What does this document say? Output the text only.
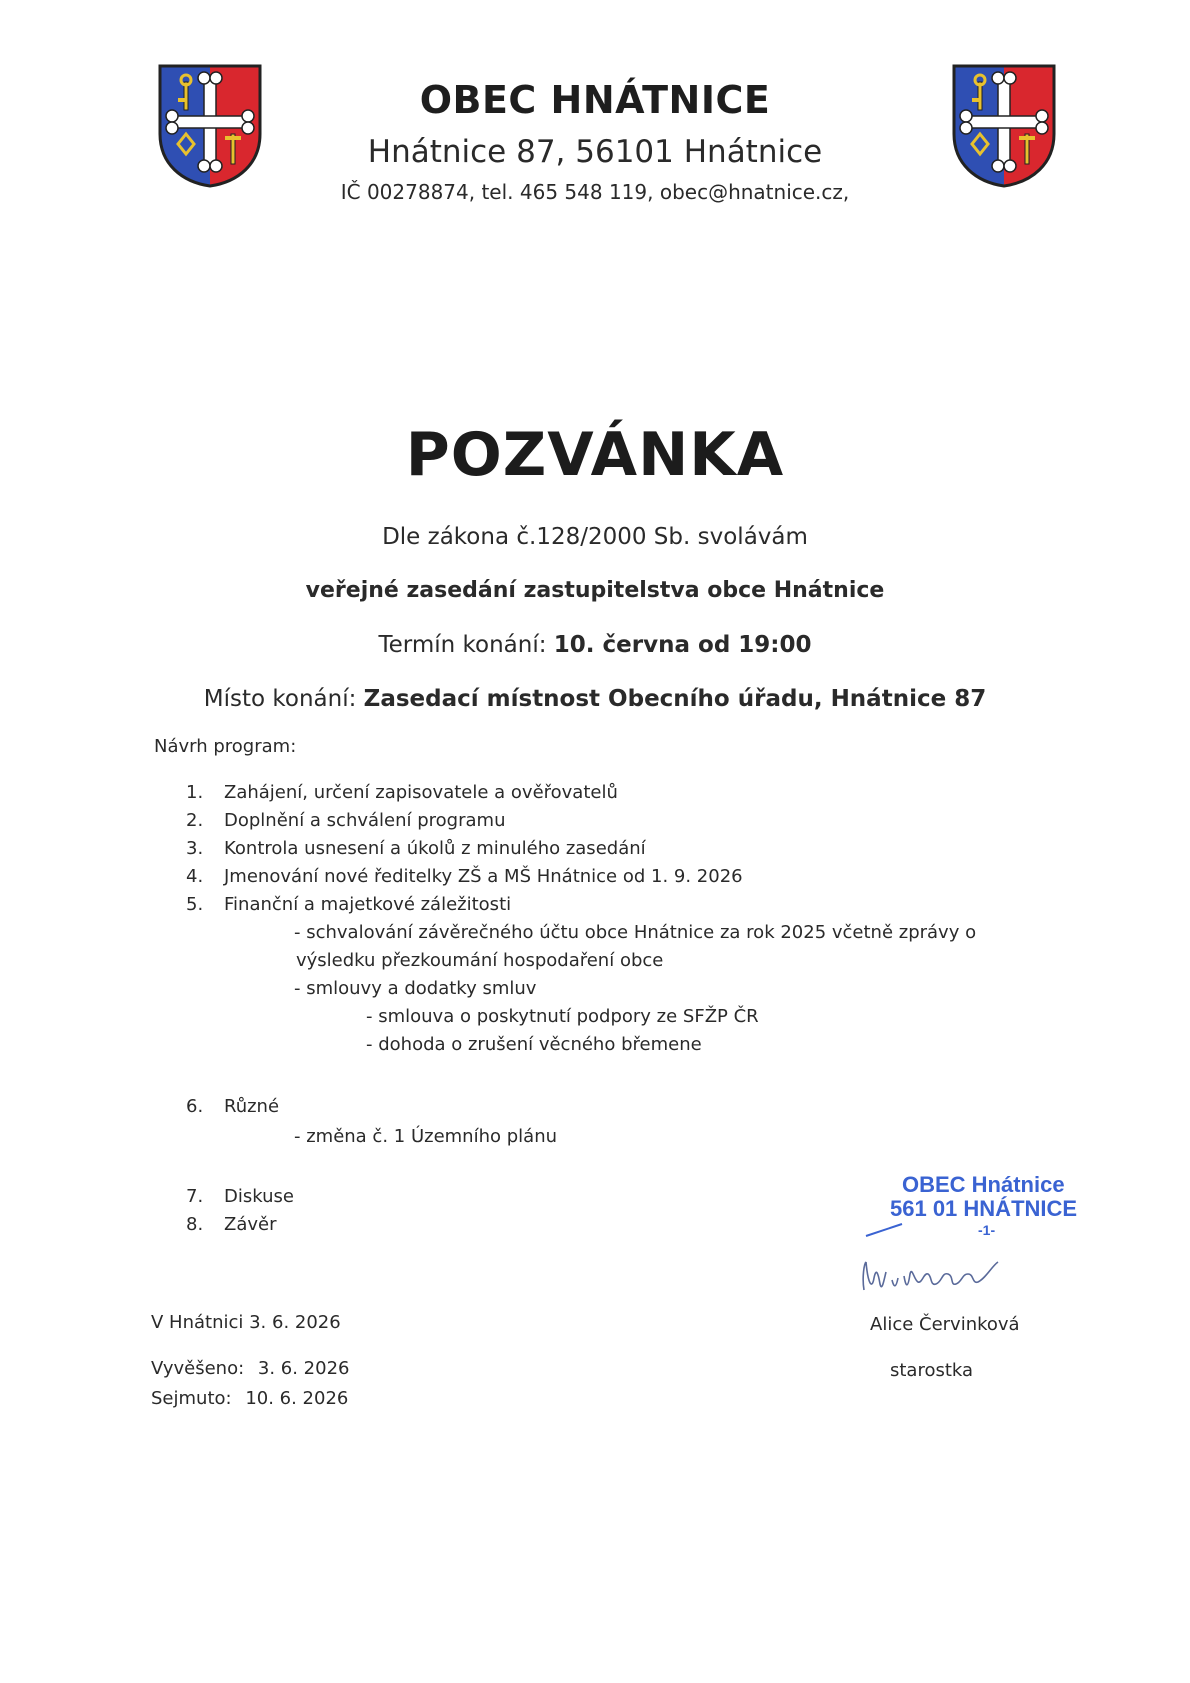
OBEC HNÁTNICE
Hnátnice 87, 56101 Hnátnice
IČ 00278874, tel. 465 548 119, obec@hnatnice.cz,
POZVÁNKA
Dle zákona č.128/2000 Sb. svolávám
veřejné zasedání zastupitelstva obce Hnátnice
Termín konání: 10. června od 19:00
Místo konání: Zasedací místnost Obecního úřadu, Hnátnice 87
Návrh program:
1. Zahájení, určení zapisovatele a ověřovatelů
2. Doplnění a schválení programu
3. Kontrola usnesení a úkolů z minulého zasedání
4. Jmenování nové ředitelky ZŠ a MŠ Hnátnice od 1. 9. 2026
5. Finanční a majetkové záležitosti
- schvalování závěrečného účtu obce Hnátnice za rok 2025 včetně zprávy o
výsledku přezkoumání hospodaření obce
- smlouvy a dodatky smluv
- smlouva o poskytnutí podpory ze SFŽP ČR
- dohoda o zrušení věcného břemene
6. Různé
- změna č. 1 Územního plánu
7. Diskuse
8. Závěr
OBEC Hnátnice
561 01 HNÁTNICE
-1-
V Hnátnici 3. 6. 2026
Vyvěšeno: 3. 6. 2026
Sejmuto: 10. 6. 2026
Alice Červinková
starostka
